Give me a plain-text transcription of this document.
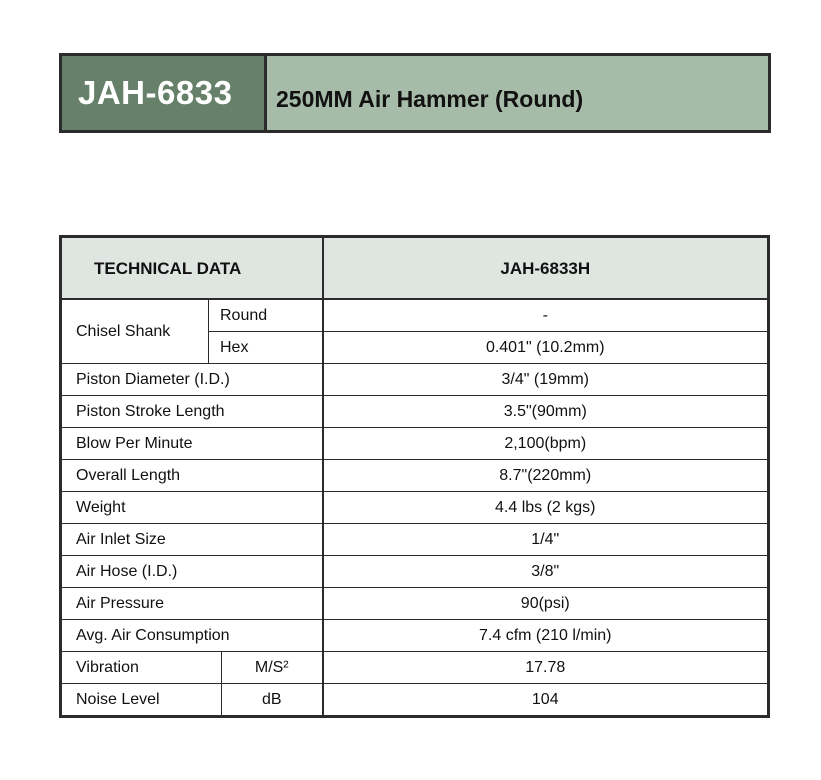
JAH-6833	250MM Air Hammer (Round)
TECHNICAL DATA			JAH-6833H
Chisel Shank	Round		-
	Hex		0.401" (10.2mm)
Piston Diameter (I.D.)			3/4" (19mm)
Piston Stroke Length			3.5"(90mm)
Blow Per Minute			2,100(bpm)
Overall Length			8.7"(220mm)
Weight			4.4 lbs (2 kgs)
Air Inlet Size			1/4"
Air Hose (I.D.)			3/8"
Air Pressure			90(psi)
Avg. Air Consumption			7.4 cfm (210 l/min)
Vibration		M/S²	17.78
Noise Level		dB	104
